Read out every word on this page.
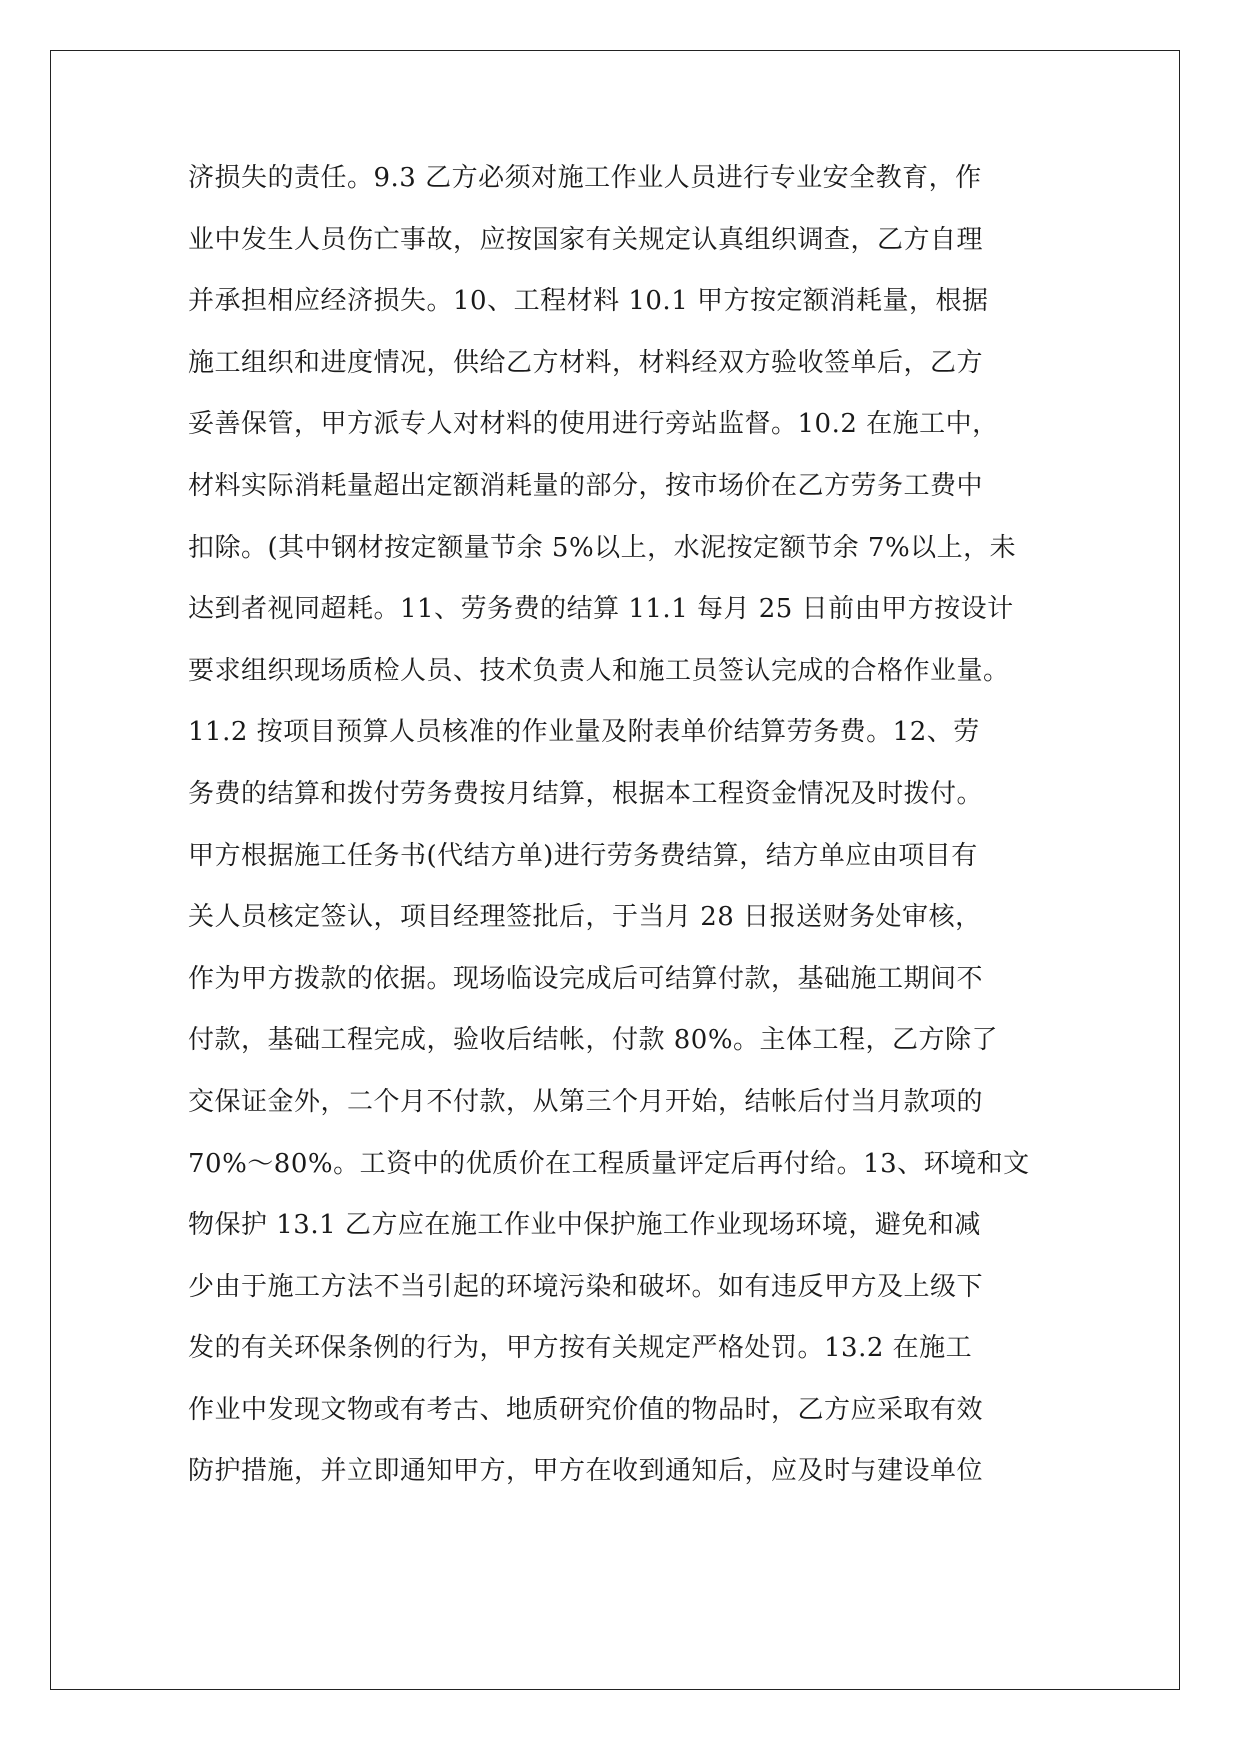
济损失的责任。9.3 乙方必须对施工作业人员进行专业安全教育，作
业中发生人员伤亡事故，应按国家有关规定认真组织调查，乙方自理
并承担相应经济损失。10、工程材料 10.1 甲方按定额消耗量，根据
施工组织和进度情况，供给乙方材料，材料经双方验收签单后，乙方
妥善保管，甲方派专人对材料的使用进行旁站监督。10.2 在施工中，
材料实际消耗量超出定额消耗量的部分，按市场价在乙方劳务工费中
扣除。(其中钢材按定额量节余 5%以上，水泥按定额节余 7%以上，未
达到者视同超耗。11、劳务费的结算 11.1 每月 25 日前由甲方按设计
要求组织现场质检人员、技术负责人和施工员签认完成的合格作业量。
11.2 按项目预算人员核准的作业量及附表单价结算劳务费。12、劳
务费的结算和拨付劳务费按月结算，根据本工程资金情况及时拨付。
甲方根据施工任务书(代结方单)进行劳务费结算，结方单应由项目有
关人员核定签认，项目经理签批后，于当月 28 日报送财务处审核，
作为甲方拨款的依据。现场临设完成后可结算付款，基础施工期间不
付款，基础工程完成，验收后结帐，付款 80%。主体工程，乙方除了
交保证金外，二个月不付款，从第三个月开始，结帐后付当月款项的
70%～80%。工资中的优质价在工程质量评定后再付给。13、环境和文
物保护 13.1 乙方应在施工作业中保护施工作业现场环境，避免和减
少由于施工方法不当引起的环境污染和破坏。如有违反甲方及上级下
发的有关环保条例的行为，甲方按有关规定严格处罚。13.2 在施工
作业中发现文物或有考古、地质研究价值的物品时，乙方应采取有效
防护措施，并立即通知甲方，甲方在收到通知后，应及时与建设单位
